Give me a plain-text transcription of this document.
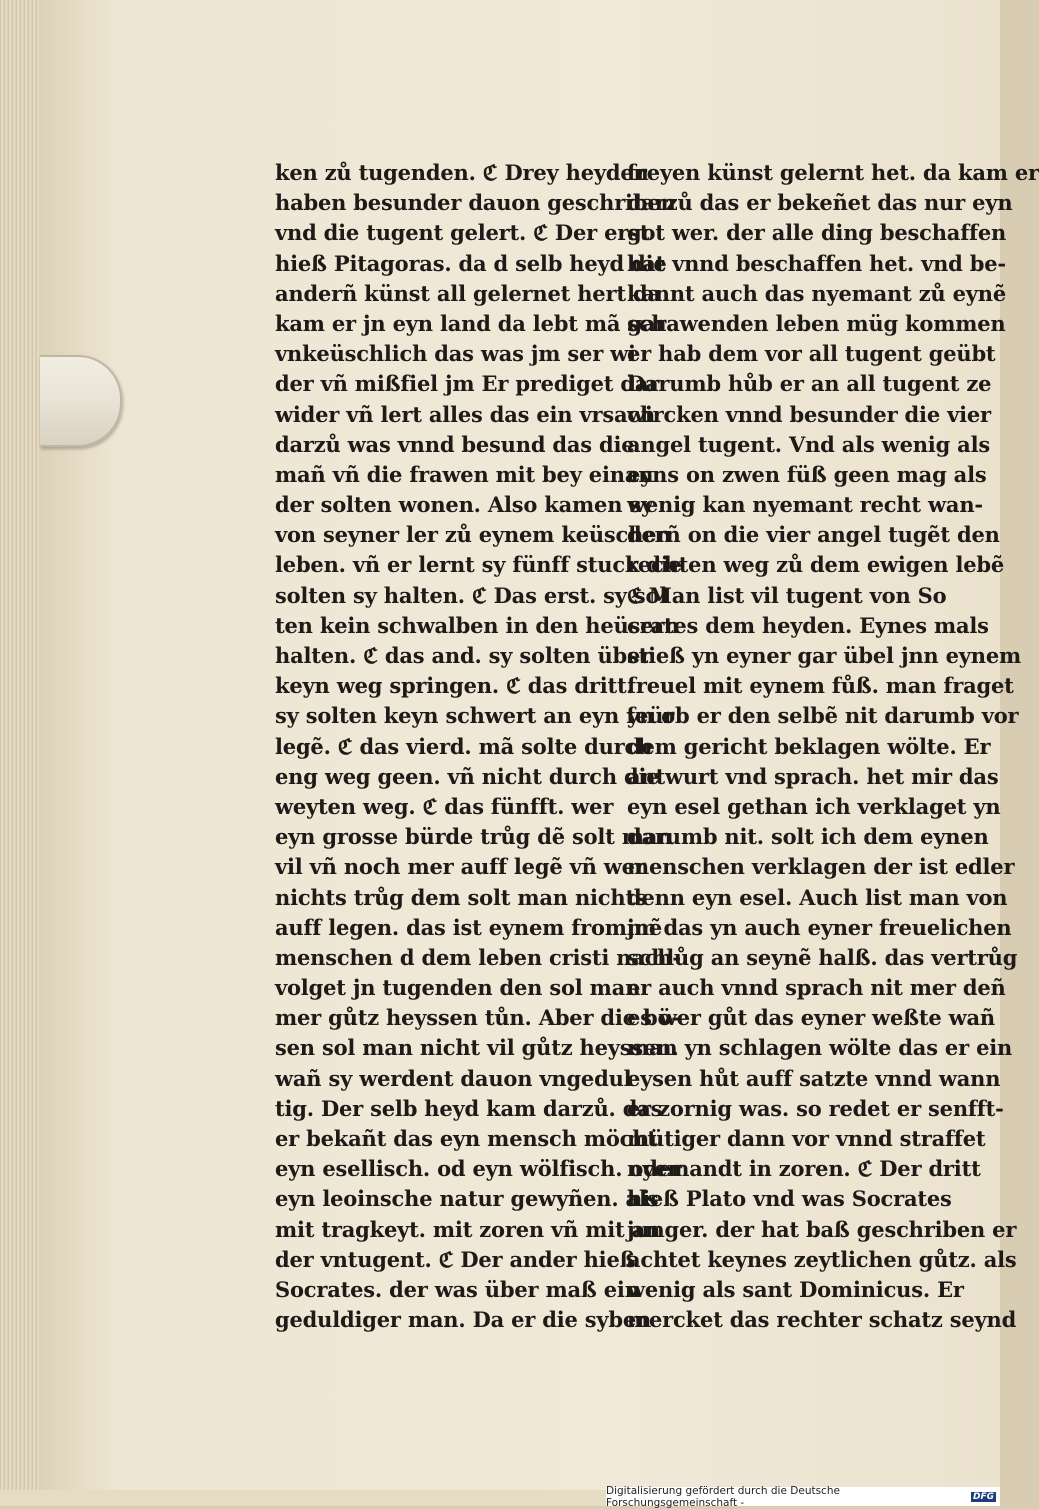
ken zů tugenden. ℭ Drey heyden
haben besunder dauon geschriben
vnd die tugent gelert. ℭ Der erst
hieß Pitagoras. da d selb heyd die
anderñ künst all gelernet hert da
kam er jn eyn land da lebt mã gar
vnkeüschlich das was jm ser wi
der vñ mißfiel jm Er prediget dar
wider vñ lert alles das ein vrsach
darzů was vnnd besund das die
mañ vñ die frawen mit bey einan
der solten wonen. Also kamen sy
von seyner ler zů eynem keüschen
leben. vñ er lernt sy fünff stuck die
solten sy halten. ℭ Das erst. sy sol
ten kein schwalben in den heüsern
halten. ℭ das and. sy solten über
keyn weg springen. ℭ das dritt.
sy solten keyn schwert an eyn feür
legẽ. ℭ das vierd. mã solte durch
eng weg geen. vñ nicht durch die
weyten weg. ℭ das fünfft. wer
eyn grosse bürde trůg dẽ solt man
vil vñ noch mer auff legẽ vñ wer
nichts trůg dem solt man nichts
auff legen. das ist eynem frommẽ
menschen d dem leben cristi nach-
volget jn tugenden den sol man
mer gůtz heyssen tůn. Aber die bö-
sen sol man nicht vil gůtz heyssen.
wañ sy werdent dauon vngedul
tig. Der selb heyd kam darzů. das
er bekañt das eyn mensch möcht
eyn esellisch. od eyn wölfisch. oder
eyn leoinsche natur gewyñen. als
mit tragkeyt. mit zoren vñ mit an
der vntugent. ℭ Der ander hieß
Socrates. der was über maß ein
geduldiger man. Da er die syben
freyen künst gelernt het. da kam er
darzů das er bekeñet das nur eyn
got wer. der alle ding beschaffen
hat vnnd beschaffen het. vnd be-
kannt auch das nyemant zů eynẽ
schawenden leben müg kommen
er hab dem vor all tugent geübt
Darumb hůb er an all tugent ze
wircken vnnd besunder die vier
angel tugent. Vnd als wenig als
eyns on zwen füß geen mag als
wenig kan nyemant recht wan-
derñ on die vier angel tugẽt den
rechten weg zů dem ewigen lebẽ
ℭ Man list vil tugent von So
crates dem heyden. Eynes mals
stieß yn eyner gar übel jnn eynem
freuel mit eynem fůß. man fraget
yn ob er den selbẽ nit darumb vor
dem gericht beklagen wölte. Er
antwurt vnd sprach. het mir das
eyn esel gethan ich verklaget yn
darumb nit. solt ich dem eynen
menschen verklagen der ist edler
denn eyn esel. Auch list man von
jm das yn auch eyner freuelichen
schlůg an seynẽ halß. das vertrůg
er auch vnnd sprach nit mer deñ
es wer gůt das eyner weßte wañ
man yn schlagen wölte das er ein
eysen hůt auff satzte vnnd wann
er zornig was. so redet er senfft-
mütiger dann vor vnnd straffet
nyemandt in zoren. ℭ Der dritt
hieß Plato vnd was Socrates
junger. der hat baß geschriben er
achtet keynes zeytlichen gůtz. als
wenig als sant Dominicus. Er
mercket das rechter schatz seynd
Digitalisierung gefördert durch die Deutsche Forschungsgemeinschaft -	DFG
